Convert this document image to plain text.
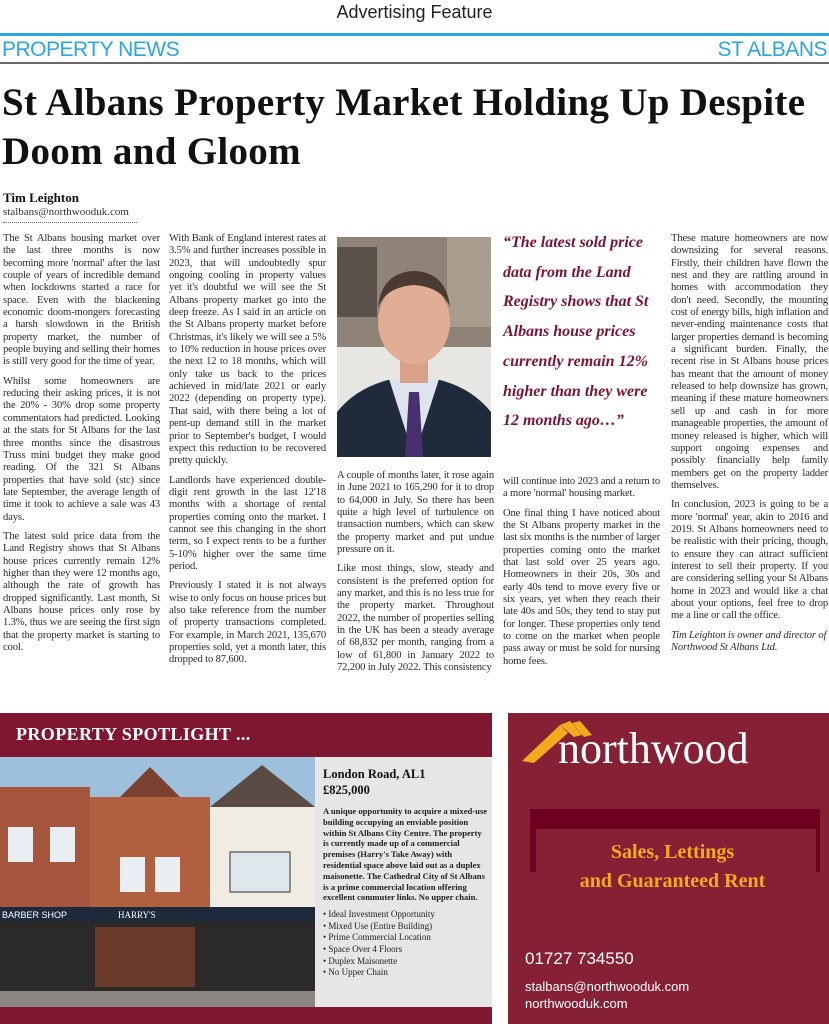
Advertising Feature
PROPERTY NEWS	ST ALBANS
St Albans Property Market Holding Up Despite Doom and Gloom
Tim Leighton
stalbans@northwooduk.com

The St Albans housing market over the last three months is now becoming more 'normal' after the last couple of years of incredible demand when lockdowns started a race for space. Even with the blackening economic doom-mongers forecasting a harsh slowdown in the British property market, the number of people buying and selling their homes is still very good for the time of year.

Whilst some homeowners are reducing their asking prices, it is not the 20% - 30% drop some property commentators had predicted. Looking at the stats for St Albans for the last three months since the disastrous Truss mini budget they make good reading. Of the 321 St Albans properties that have sold (stc) since late September, the average length of time it took to achieve a sale was 43 days.

The latest sold price data from the Land Registry shows that St Albans house prices currently remain 12% higher than they were 12 months ago, although the rate of growth has dropped significantly. Last month, St Albans house prices only rose by 1.3%, thus we are seeing the first sign that the property market is starting to cool.

With Bank of England interest rates at 3.5% and further increases possible in 2023, that will undoubtedly spur ongoing cooling in property values yet it's doubtful we will see the St Albans property market go into the deep freeze. As I said in an article on the St Albans property market before Christmas, it's likely we will see a 5% to 10% reduction in house prices over the next 12 to 18 months, which will only take us back to the prices achieved in mid/late 2021 or early 2022 (depending on property type). That said, with there being a lot of pent-up demand still in the market prior to September's budget, I would expect this reduction to be recovered pretty quickly.

Landlords have experienced double-digit rent growth in the last 12'18 months with a shortage of rental properties coming onto the market. I cannot see this changing in the short term, so I expect rents to be a further 5-10% higher over the same time period.

Previously I stated it is not always wise to only focus on house prices but also take reference from the number of property transactions completed. For example, in March 2021, 135,670 properties sold, yet a month later, this dropped to 87,600.

A couple of months later, it rose again in June 2021 to 165,290 for it to drop to 64,000 in July. So there has been quite a high level of turbulence on transaction numbers, which can skew the property market and put undue pressure on it.

Like most things, slow, steady and consistent is the preferred option for any market, and this is no less true for the property market. Throughout 2022, the number of properties selling in the UK has been a steady average of 68,832 per month, ranging from a low of 61,800 in January 2022 to 72,200 in July 2022. This consistency

“The latest sold price data from the Land Registry shows that St Albans house prices currently remain 12% higher than they were 12 months ago…”

will continue into 2023 and a return to a more 'normal' housing market.

One final thing I have noticed about the St Albans property market in the last six months is the number of larger properties coming onto the market that last sold over 25 years ago. Homeowners in their 20s, 30s and early 40s tend to move every five or six years, yet when they reach their late 40s and 50s, they tend to stay put for longer. These properties only tend to come on the market when people pass away or must be sold for nursing home fees.

These mature homeowners are now downsizing for several reasons. Firstly, their children have flown the nest and they are rattling around in homes with accommodation they don't need. Secondly, the mounting cost of energy bills, high inflation and never-ending maintenance costs that larger properties demand is becoming a significant burden. Finally, the recent rise in St Albans house prices has meant that the amount of money released to help downsize has grown, meaning if these mature homeowners sell up and cash in for more manageable properties, the amount of money released is higher, which will support ongoing expenses and possibly financially help family members get on the property ladder themselves.

In conclusion, 2023 is going to be a more 'normal' year, akin to 2016 and 2019. St Albans homeowners need to be realistic with their pricing, though, to ensure they can attract sufficient interest to sell their property. If you are considering selling your St Albans home in 2023 and would like a chat about your options, feel free to drop me a line or call the office.

Tim Leighton is owner and director of Northwood St Albans Ltd.

PROPERTY SPOTLIGHT ...
BARBER SHOP	HARRY'S
London Road, AL1
£825,000
A unique opportunity to acquire a mixed-use building occupying an enviable position within St Albans City Centre. The property is currently made up of a commercial premises (Harry's Take Away) with residential space above laid out as a duplex maisonette. The Cathedral City of St Albans is a prime commercial location offering excellent commuter links. No upper chain.
• Ideal Investment Opportunity
• Mixed Use (Entire Building)
• Prime Commercial Location
• Space Over 4 Floors
• Duplex Maisonette
• No Upper Chain
northwood
Sales, Lettings
and Guaranteed Rent
01727 734550
stalbans@northwooduk.com
northwooduk.com
